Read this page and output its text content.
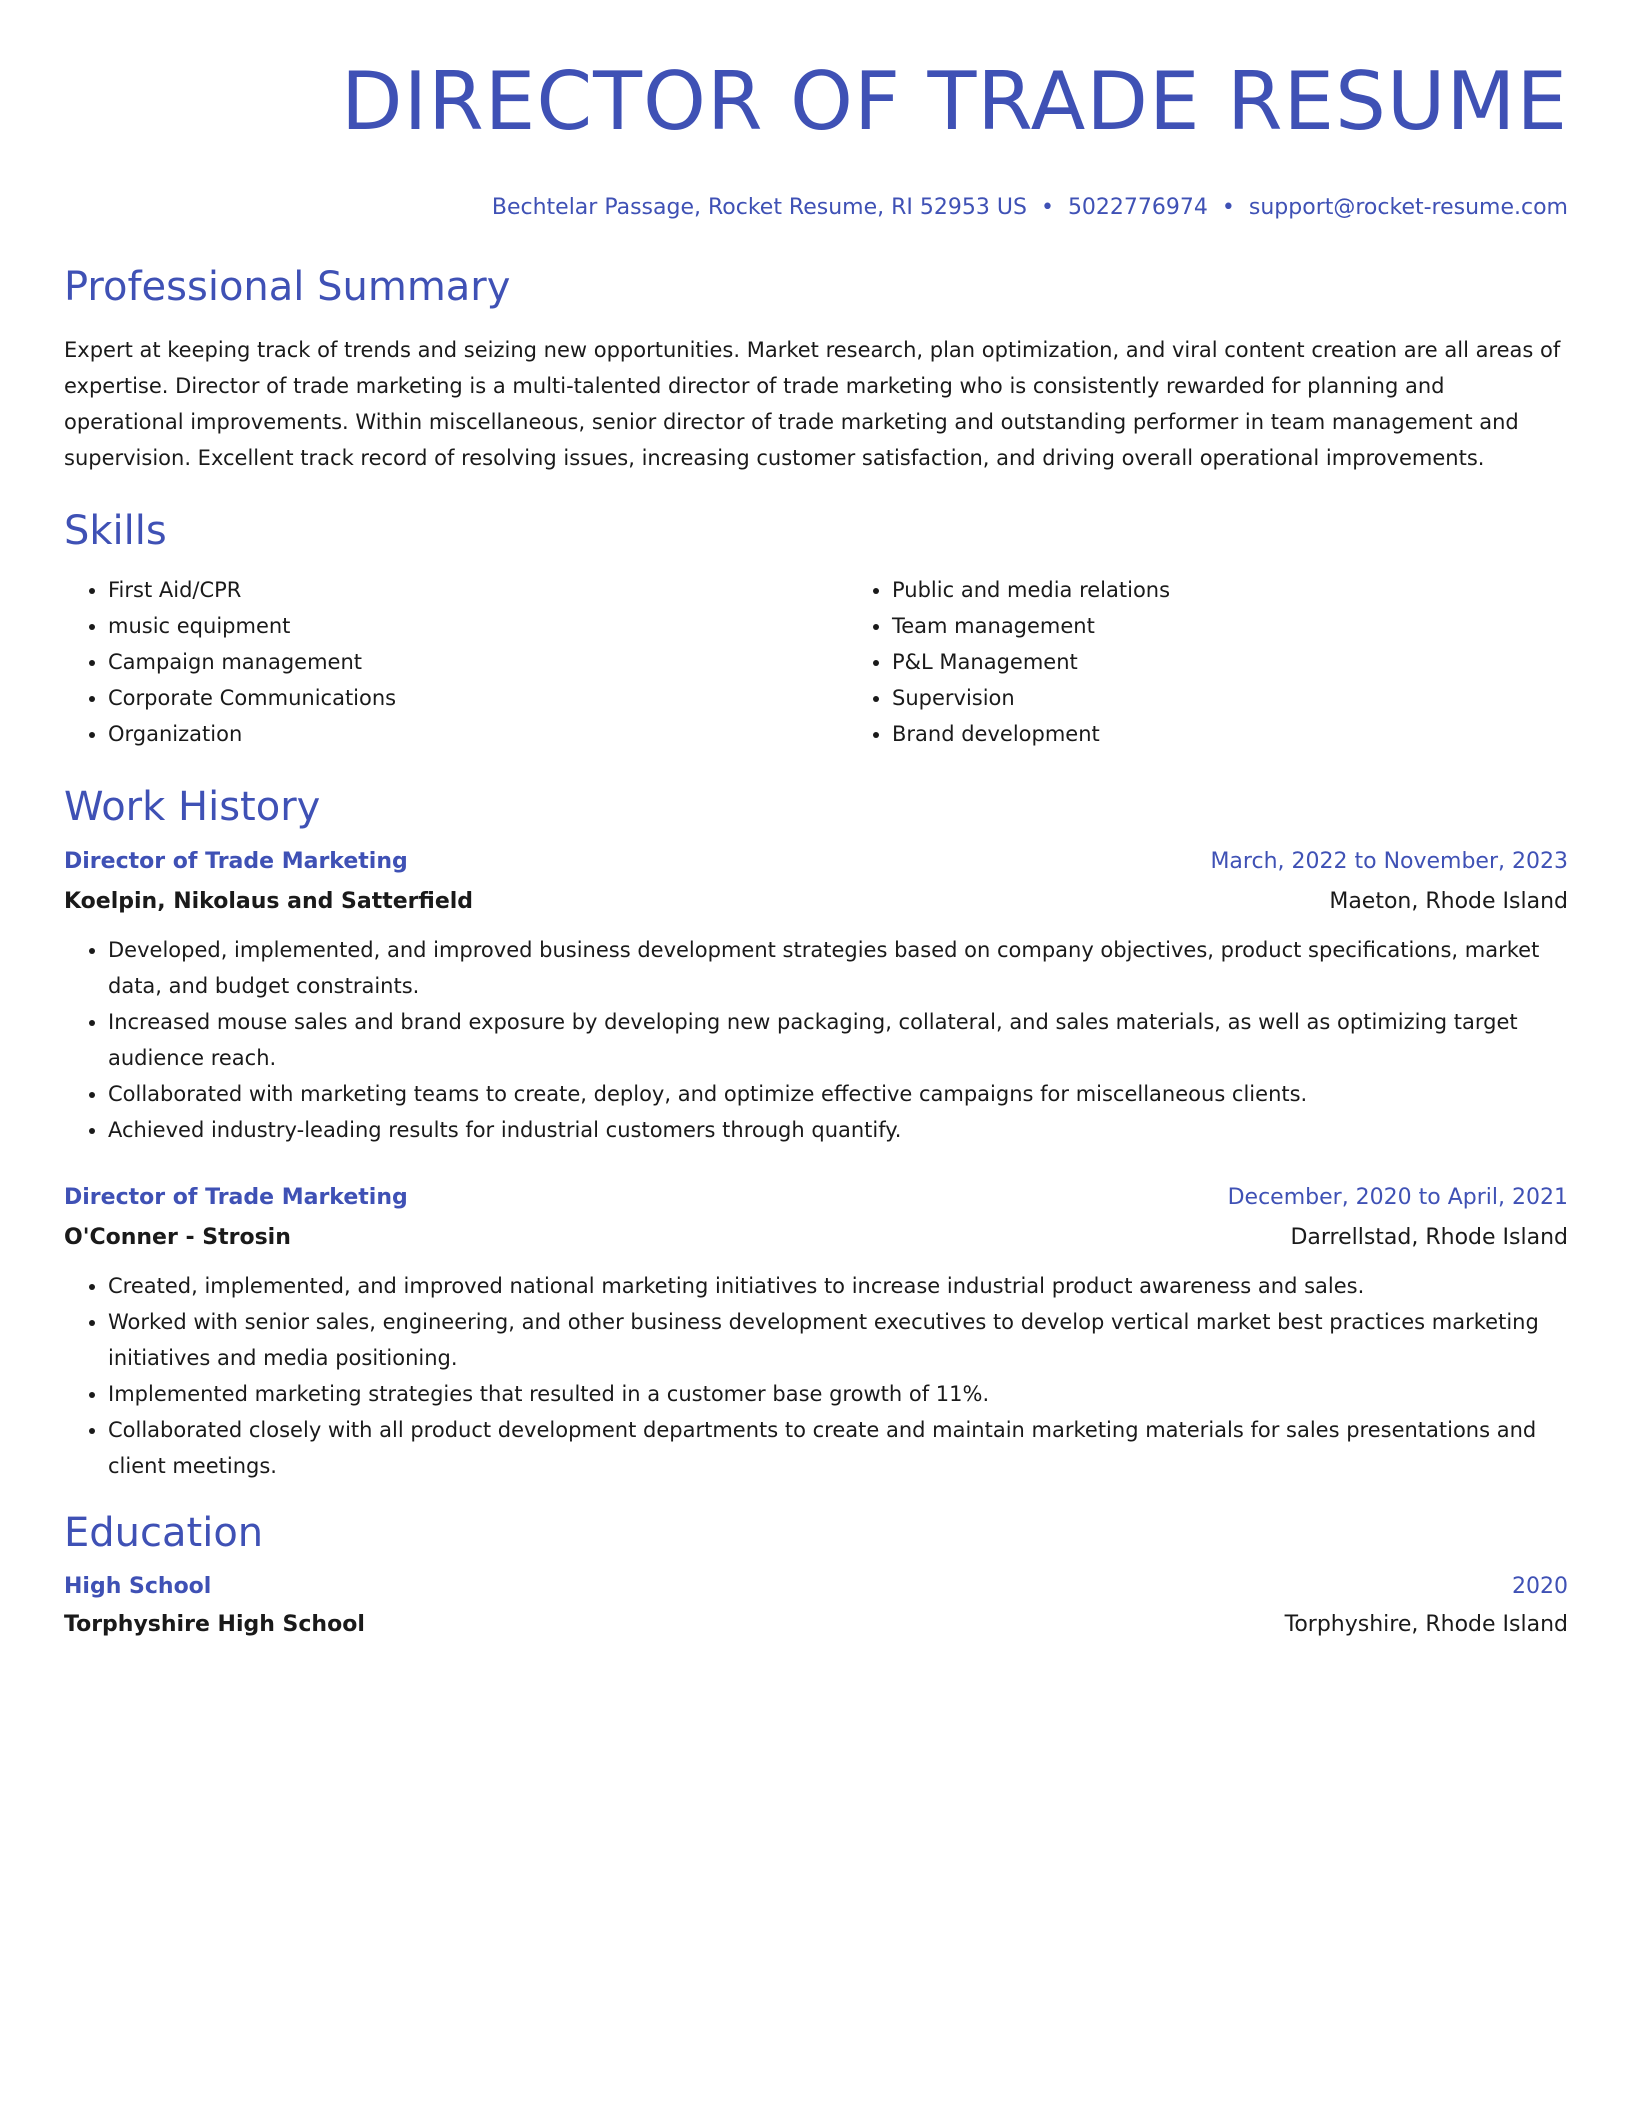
DIRECTOR OF TRADE RESUME
Bechtelar Passage, Rocket Resume, RI 52953 US • 5022776974 • support@rocket-resume.com
Professional Summary

Expert at keeping track of trends and seizing new opportunities. Market research, plan optimization, and viral content creation are all areas of expertise. Director of trade marketing is a multi-talented director of trade marketing who is consistently rewarded for planning and operational improvements. Within miscellaneous, senior director of trade marketing and outstanding performer in team management and supervision. Excellent track record of resolving issues, increasing customer satisfaction, and driving overall operational improvements.

Skills
• First Aid/CPR
• music equipment
• Campaign management
• Corporate Communications
• Organization
• Public and media relations
• Team management
• P&L Management
• Supervision
• Brand development
Work History
Director of Trade Marketing	March, 2022 to November, 2023
Koelpin, Nikolaus and Satterfield	Maeton, Rhode Island
• Developed, implemented, and improved business development strategies based on company objectives, product specifications, market data, and budget constraints.
• Increased mouse sales and brand exposure by developing new packaging, collateral, and sales materials, as well as optimizing target audience reach.
• Collaborated with marketing teams to create, deploy, and optimize effective campaigns for miscellaneous clients.
• Achieved industry-leading results for industrial customers through quantify.
Director of Trade Marketing	December, 2020 to April, 2021
O'Conner - Strosin	Darrellstad, Rhode Island
• Created, implemented, and improved national marketing initiatives to increase industrial product awareness and sales.
• Worked with senior sales, engineering, and other business development executives to develop vertical market best practices marketing initiatives and media positioning.
• Implemented marketing strategies that resulted in a customer base growth of 11%.
• Collaborated closely with all product development departments to create and maintain marketing materials for sales presentations and client meetings.
Education
High School	2020
Torphyshire High School	Torphyshire, Rhode Island
